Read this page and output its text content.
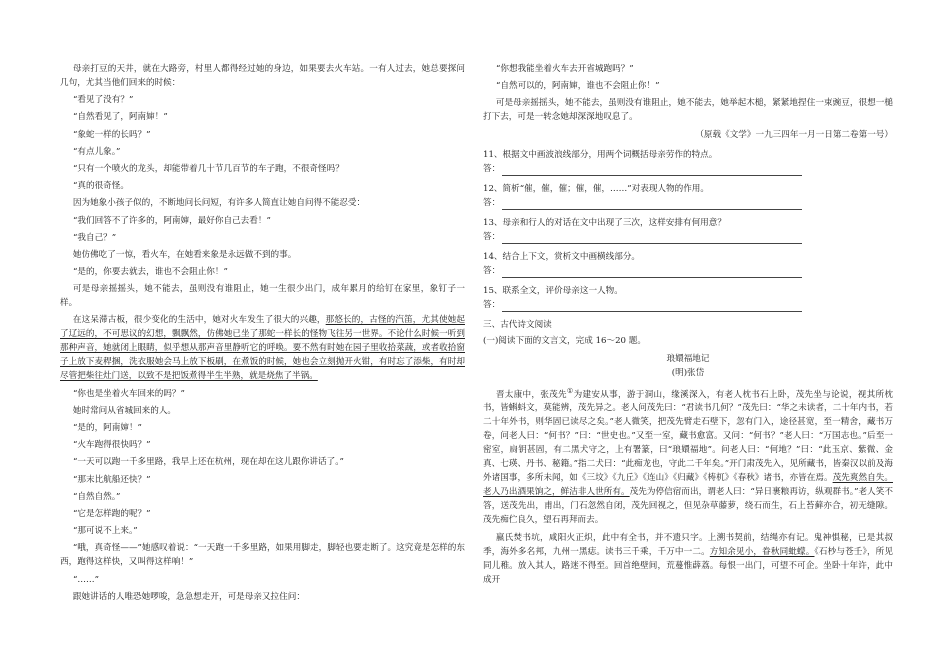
母亲打豆的天井，就在大路旁，村里人都得经过她的身边，如果要去火车站。一有人过去，她总要探问几句，尤其当他们回来的时候：

“看见了没有？”

“自然看见了，阿南婶！”

“象蛇一样的长吗？”

“有点儿象。”

“只有一个喷火的龙头，却能带着几十节几百节的车子跑，不很奇怪吗？

“真的很奇怪。

因为她象小孩子似的，不断地问长问短，有许多人简直让她自问得不能忍受：

“我们回答不了许多的，阿南婶，最好你自己去看！”

“我自己？”

她仿佛吃了一惊，看火车，在她看来象是永远做不到的事。

“是的，你要去就去，谁也不会阻止你！”

可是母亲摇摇头，她不能去，虽则没有谁阻止，她一生很少出门，成年累月的给钉在家里，象钉子一样。

在这呆滞古板，很少变化的生活中，她对火车发生了很大的兴趣，那悠长的，古怪的汽笛，尤其使她起了辽远的，不可思议的幻想，飘飘然，仿佛她已坐了那蛇一样长的怪物飞往另一世界。不论什么时候一听到那种声音，她就闭上眼睛，似乎想从那声音里静听它的呼唤。要不然有时她在园子里收拾菜蔬，或者收拾窗子上放下麦稈捆，洗衣服她会马上放下板刷，在煮饭的时候，她也会立刻抛开火钳，有时忘了添柴，有时却尽管把柴往灶门送，以致不是把饭煮得半生半熟，就是烧焦了半锅。

“你也是坐着火车回来的吗？”

她时常问从省城回来的人。

“是的，阿南婶！”

“火车跑得很快吗？”

“一天可以跑一千多里路，我早上还在杭州，现在却在这儿跟你讲话了。”

“那末比航船还快？”

“自然自然。”

“它是怎样跑的呢？”

“那可说不上来。”

“哦，真奇怪——”她感叹着说：“一天跑一千多里路，如果用脚走，脚轻也要走断了。这究竟是怎样的东西，跑得这样快，又叫得这样响！”

“……”

跟她讲话的人唯恐她啰唆，急急想走开，可是母亲又拉住问：

“你想我能坐着火车去开省城跑吗？”

“自然可以的，阿南婶，谁也不会阻止你！”

可是母亲摇摇头，她不能去，虽则没有谁阻止，她不能去，她举起木槌，紧紧地捏住一束豌豆，很想一槌打下去，可是一转念她却深深地叹息了。

（原载《文学》一九三四年一月一日第二卷第一号）

11、根据文中画波浪线部分，用两个词概括母亲劳作的特点。

答：

12、简析“催，催，催；催，催，……”对表现人物的作用。

答：

13、母亲和行人的对话在文中出现了三次，这样安排有何用意？

答：

14、结合上下文，赏析文中画横线部分。

答：

15、联系全文，评价母亲这一人物。

答：

三、古代诗文阅读

(一)阅读下面的文言文，完成 16～20 题。

琅嬛福地记

(明)张岱

晋太康中，张茂先①为建安从事，游于洞山，缘溪深入，有老人枕书石上卧，茂先坐与论说，视其所枕书，皆蝌蚪文，莫能辨，茂先异之。老人问茂先曰：“君读书几何？”茂先曰：“华之未读者，二十年内书，若二十年外书，则华固已读尽之矣。”老人微笑，把茂先臂走石壁下，忽有门入，途径甚宽，至一精舍，藏书万卷，问老人曰：“何书？”曰：“世史也。”又至一室，藏书愈富。又问：“何书？”老人曰：“万国志也。”后至一密室，扃钥甚固，有二黑犬守之，上有署篆，曰“琅嬛福地”。问老人曰：“何地？”曰：“此玉京、紫微、金真、七瑛、丹书、秘籍。”指二犬曰：“此痴龙也，守此二千年矣。”开门肃茂先入，见所藏书，皆秦汉以前及海外诸国事，多所未闻，如《三坟》《九丘》《连山》《归藏》《梼杌》《春秋》诸书，亦皆在焉。茂先爽然自失。老人乃出酒果饷之，鲜洁非人世所有。茂先为停信宿而出，谓老人曰：“异日裹粮再访，纵观群书。”老人笑不答，送茂先出，甫出，门石忽然自闭，茂先回视之，但见杂草藤萝，绕石而生，石上苔藓亦合，初无缝隙。茂先痴伫良久，望石再拜而去。

嬴氏焚书坑，咸阳火正炽，此中有全书，并不遗只字。上溯书契前，结绳亦有记。鬼神惧秘，已是其叔季，海外多名邦，九州一黑痣。读书三千乘，千万中一二。方知余见小，眷秋同蚍蠓。《石杪与苍壬》，所见同儿稚。放入其人，路迷不得至。回首绝壁间，荒蔓惟薜荔。每恨一出门，可望不可企。坐卧十年许，此中成开
